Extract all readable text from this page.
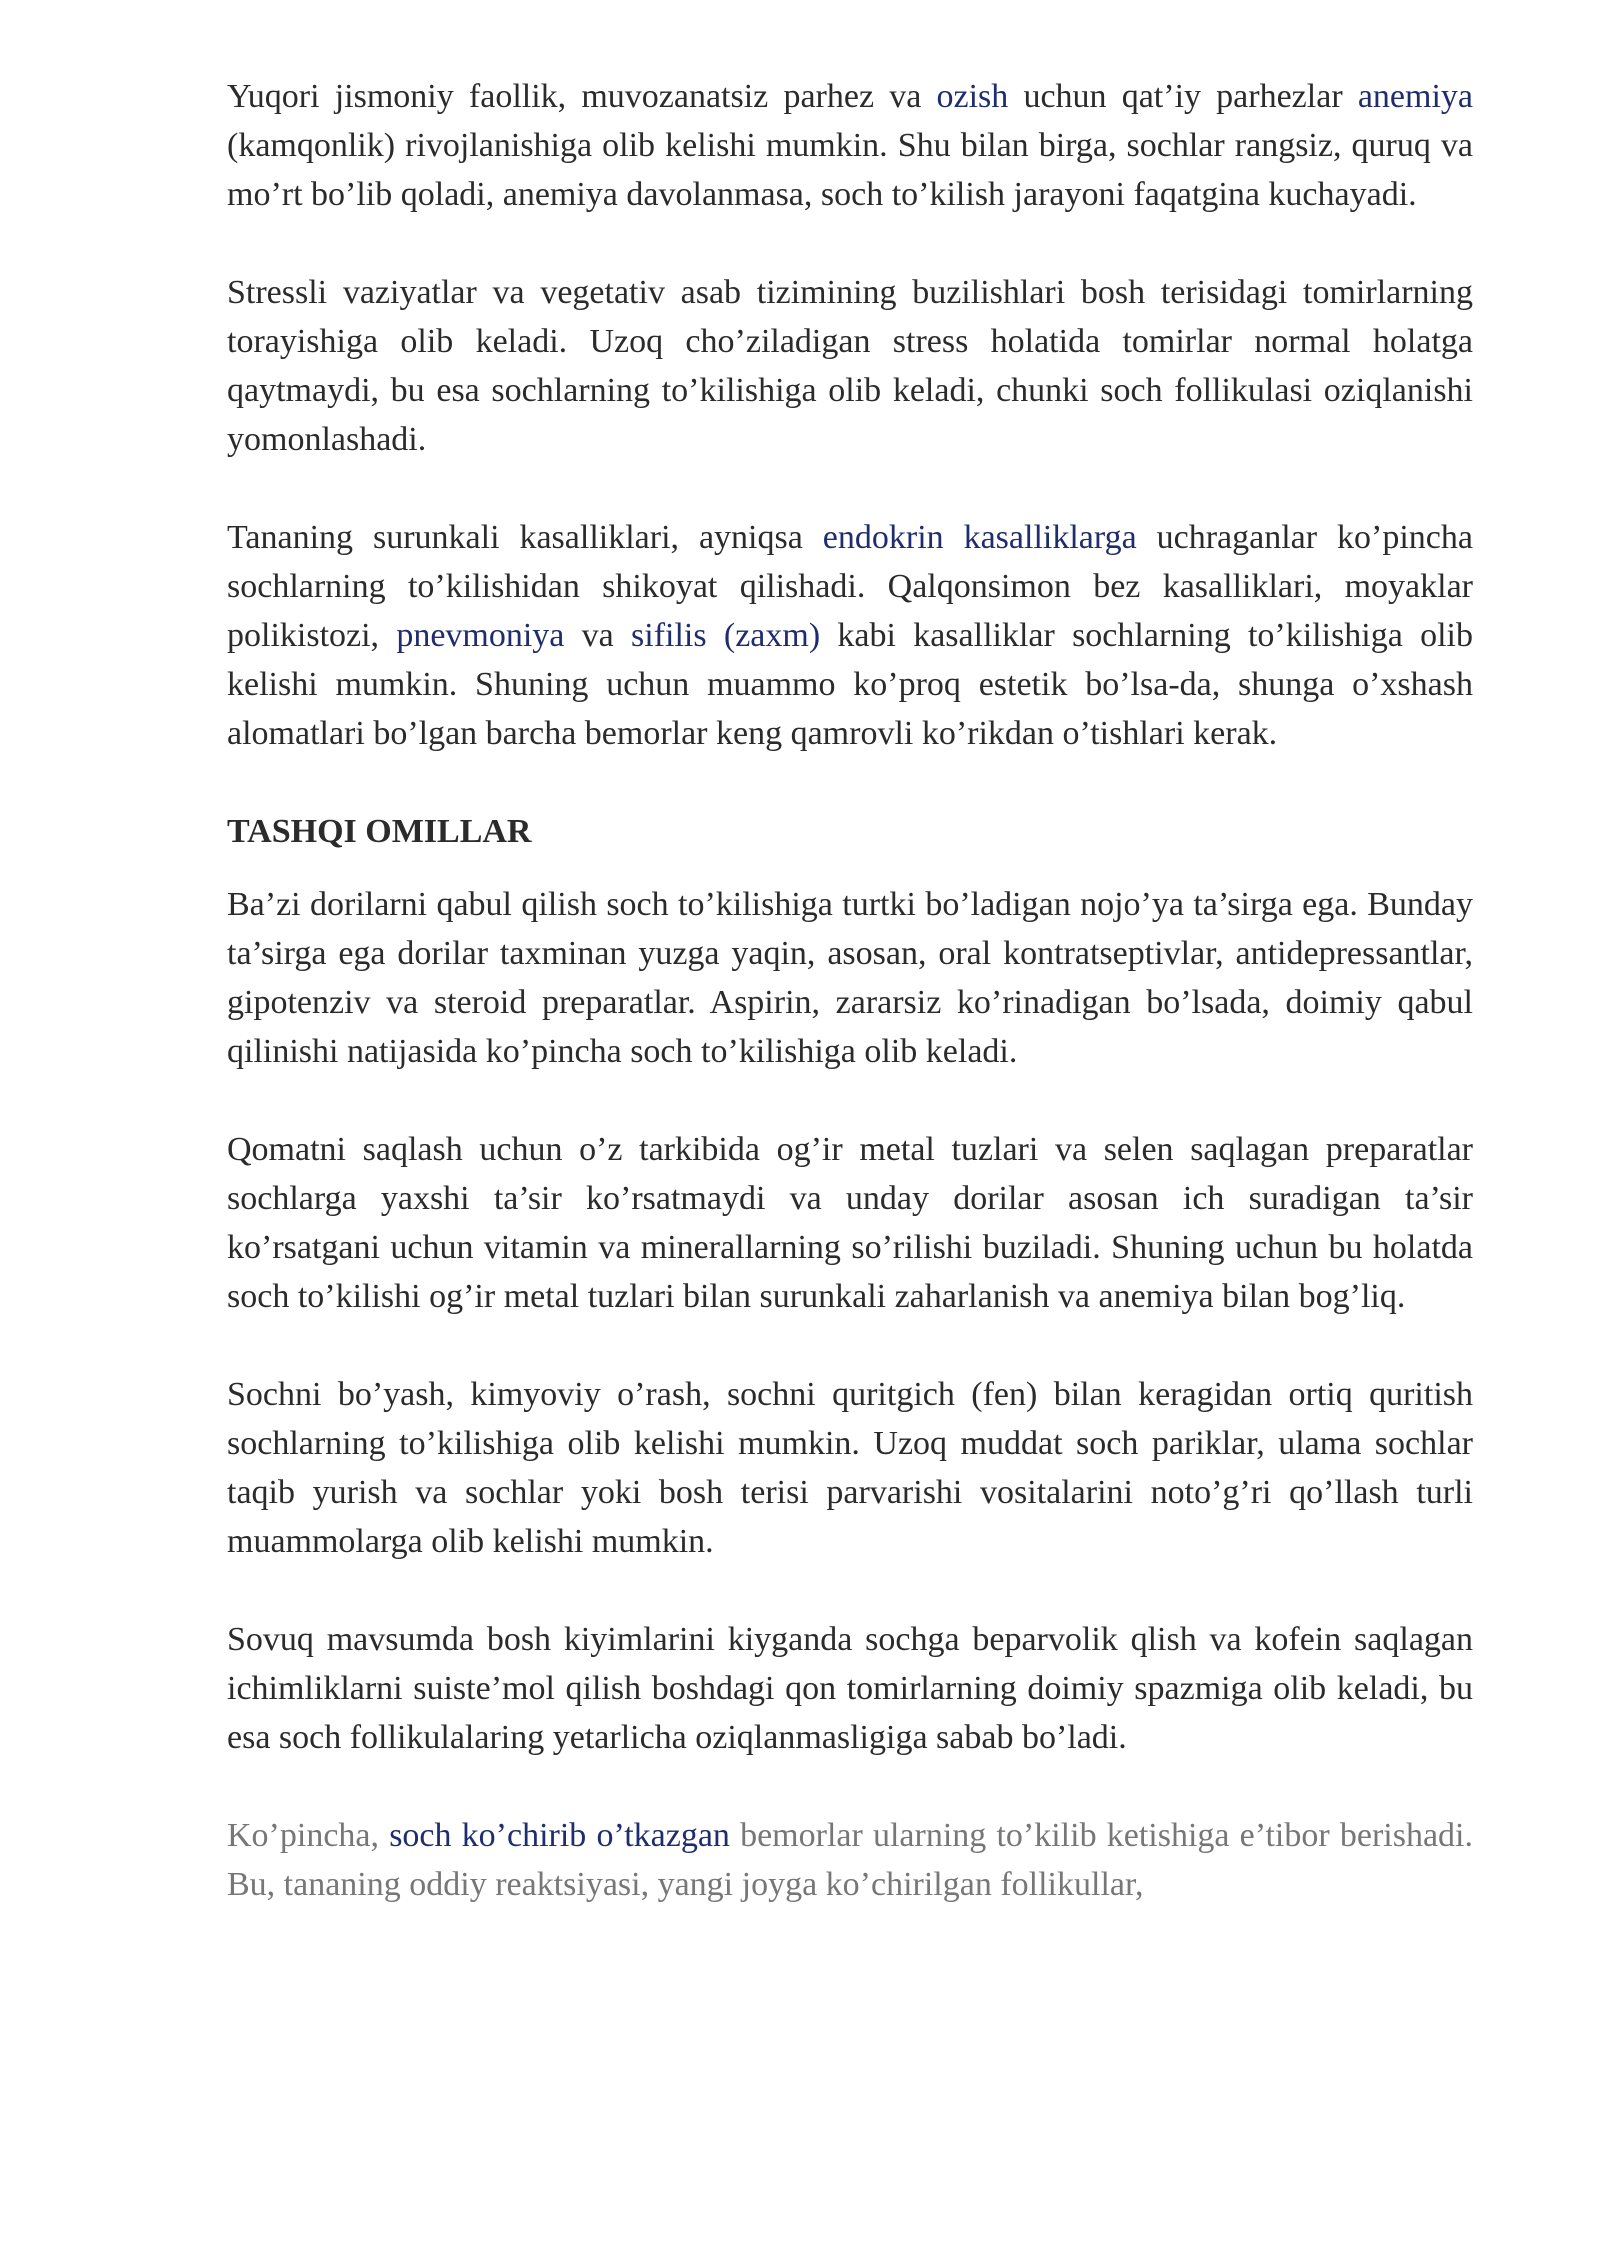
Yuqori jismoniy faollik, muvozanatsiz parhez va ozish uchun qat’iy parhezlar anemiya (kamqonlik) rivojlanishiga olib kelishi mumkin. Shu bilan birga, sochlar rangsiz, quruq va mo’rt bo’lib qoladi, anemiya davolanmasa, soch to’kilish jarayoni faqatgina kuchayadi.

Stressli vaziyatlar va vegetativ asab tizimining buzilishlari bosh terisidagi tomirlarning torayishiga olib keladi. Uzoq cho’ziladigan stress holatida tomirlar normal holatga qaytmaydi, bu esa sochlarning to’kilishiga olib keladi, chunki soch follikulasi oziqlanishi yomonlashadi.

Tananing surunkali kasalliklari, ayniqsa endokrin kasalliklarga uchraganlar ko’pincha sochlarning to’kilishidan shikoyat qilishadi. Qalqonsimon bez kasalliklari, moyaklar polikistozi, pnevmoniya va sifilis (zaxm) kabi kasalliklar sochlarning to’kilishiga olib kelishi mumkin. Shuning uchun muammo ko’proq estetik bo’lsa-da, shunga o’xshash alomatlari bo’lgan barcha bemorlar keng qamrovli ko’rikdan o’tishlari kerak.

TASHQI OMILLAR

Ba’zi dorilarni qabul qilish soch to’kilishiga turtki bo’ladigan nojo’ya ta’sirga ega. Bunday ta’sirga ega dorilar taxminan yuzga yaqin, asosan, oral kontratseptivlar, antidepressantlar, gipotenziv va steroid preparatlar. Aspirin, zararsiz ko’rinadigan bo’lsada, doimiy qabul qilinishi natijasida ko’pincha soch to’kilishiga olib keladi.

Qomatni saqlash uchun o’z tarkibida og’ir metal tuzlari va selen saqlagan preparatlar sochlarga yaxshi ta’sir ko’rsatmaydi va unday dorilar asosan ich suradigan ta’sir ko’rsatgani uchun vitamin va minerallarning so’rilishi buziladi. Shuning uchun bu holatda soch to’kilishi og’ir metal tuzlari bilan surunkali zaharlanish va anemiya bilan bog’liq.

Sochni bo’yash, kimyoviy o’rash, sochni quritgich (fen) bilan keragidan ortiq quritish sochlarning to’kilishiga olib kelishi mumkin. Uzoq muddat soch pariklar, ulama sochlar taqib yurish va sochlar yoki bosh terisi parvarishi vositalarini noto’g’ri qo’llash turli muammolarga olib kelishi mumkin.

Sovuq mavsumda bosh kiyimlarini kiyganda sochga beparvolik qlish va kofein saqlagan ichimliklarni suiste’mol qilish boshdagi qon tomirlarning doimiy spazmiga olib keladi, bu esa soch follikulalaring yetarlicha oziqlanmasligiga sabab bo’ladi.

Ko’pincha, soch ko’chirib o’tkazgan bemorlar ularning to’kilib ketishiga e’tibor berishadi. Bu, tananing oddiy reaktsiyasi, yangi joyga ko’chirilgan follikullar,
